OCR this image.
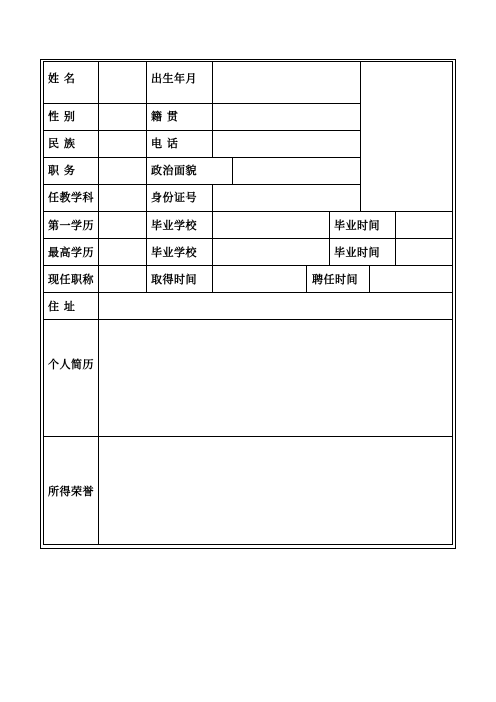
姓 名	出生年月
性 别	籍 贯
民 族	电 话
职 务	政治面貌
任教学科	身份证号
第一学历	毕业学校	毕业时间
最高学历	毕业学校	毕业时间
现任职称	取得时间	聘任时间
住 址
个人简历
所得荣誉
